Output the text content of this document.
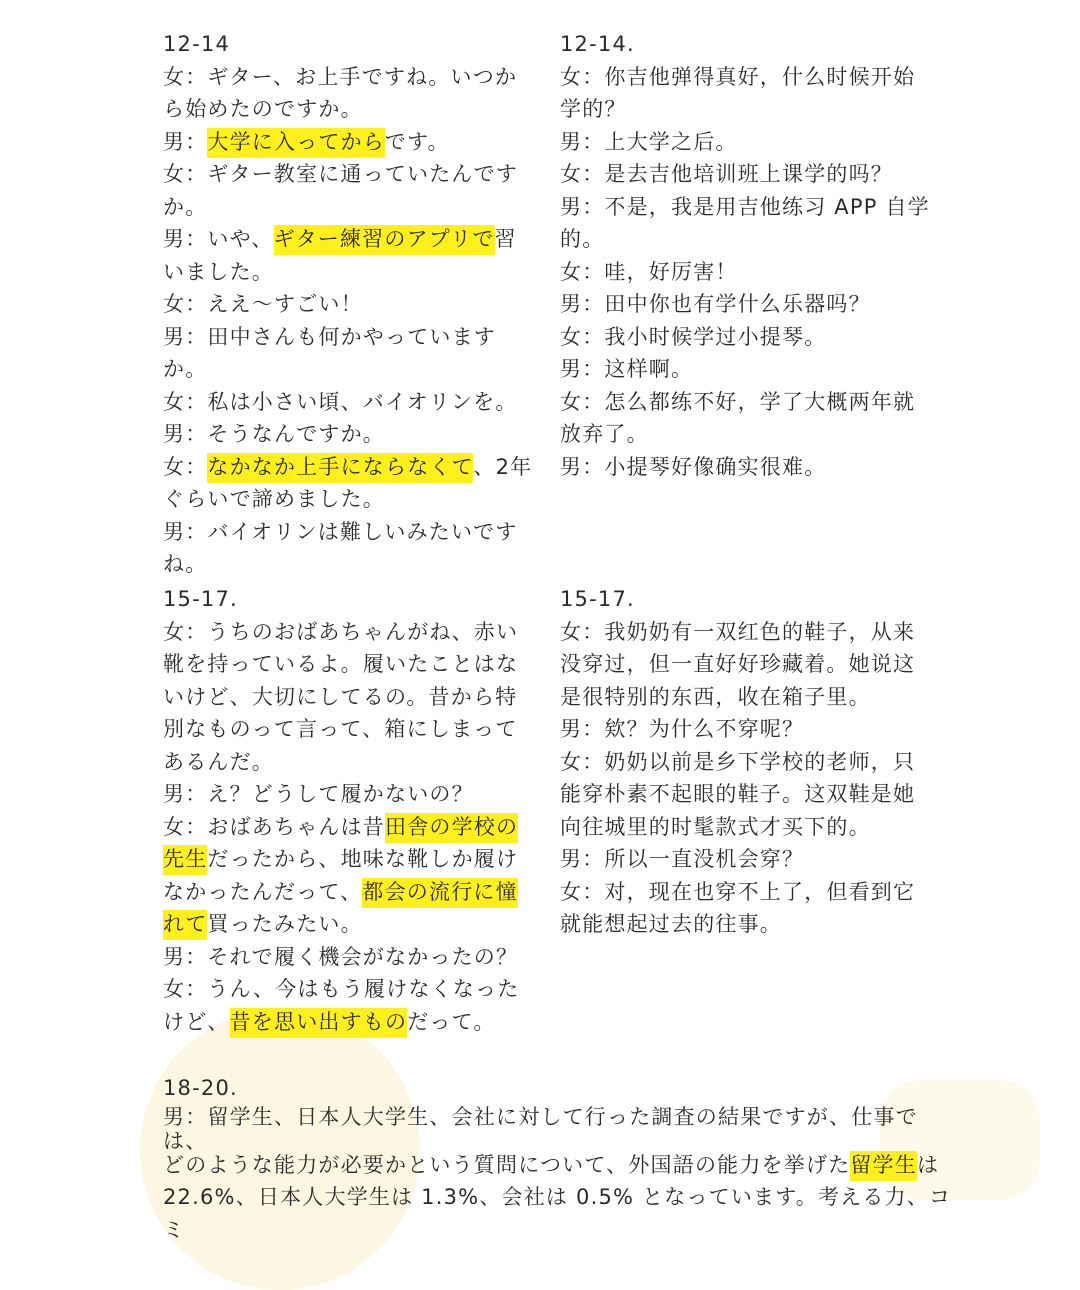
12-14

女：ギター、お上手ですね。いつか

ら始めたのですか。

男：大学に入ってからです。

女：ギター教室に通っていたんです

か。

男：いや、ギター練習のアプリで習

いました。

女：ええ～すごい！

男：田中さんも何かやっていますか。

女：私は小さい頃、バイオリンを。

男：そうなんですか。

女：なかなか上手にならなくて、2年

ぐらいで諦めました。

男：バイオリンは難しいみたいです

ね。

12-14.

女：你吉他弹得真好，什么时候开始

学的？

男：上大学之后。

女：是去吉他培训班上课学的吗？

男：不是，我是用吉他练习 APP 自学

的。

女：哇，好厉害！

男：田中你也有学什么乐器吗？

女：我小时候学过小提琴。

男：这样啊。

女：怎么都练不好，学了大概两年就

放弃了。

男：小提琴好像确实很难。

15-17.

女：うちのおばあちゃんがね、赤い

靴を持っているよ。履いたことはな

いけど、大切にしてるの。昔から特

別なものって言って、箱にしまって

あるんだ。

男：え？どうして履かないの？

女：おばあちゃんは昔田舎の学校の

先生だったから、地味な靴しか履け

なかったんだって、都会の流行に憧

れて買ったみたい。

男：それで履く機会がなかったの？

女：うん、今はもう履けなくなった

けど、昔を思い出すものだって。

15-17.

女：我奶奶有一双红色的鞋子，从来

没穿过，但一直好好珍藏着。她说这

是很特别的东西，收在箱子里。

男：欸？为什么不穿呢？

女：奶奶以前是乡下学校的老师，只

能穿朴素不起眼的鞋子。这双鞋是她

向往城里的时髦款式才买下的。

男：所以一直没机会穿？

女：对，现在也穿不上了，但看到它

就能想起过去的往事。

18-20.

男：留学生、日本人大学生、会社に対して行った調査の結果ですが、仕事で
は、

どのような能力が必要かという質問について、外国語の能力を挙げた留学生は

22.6%、日本人大学生は 1.3%、会社は 0.5% となっています。考える力、コミ
